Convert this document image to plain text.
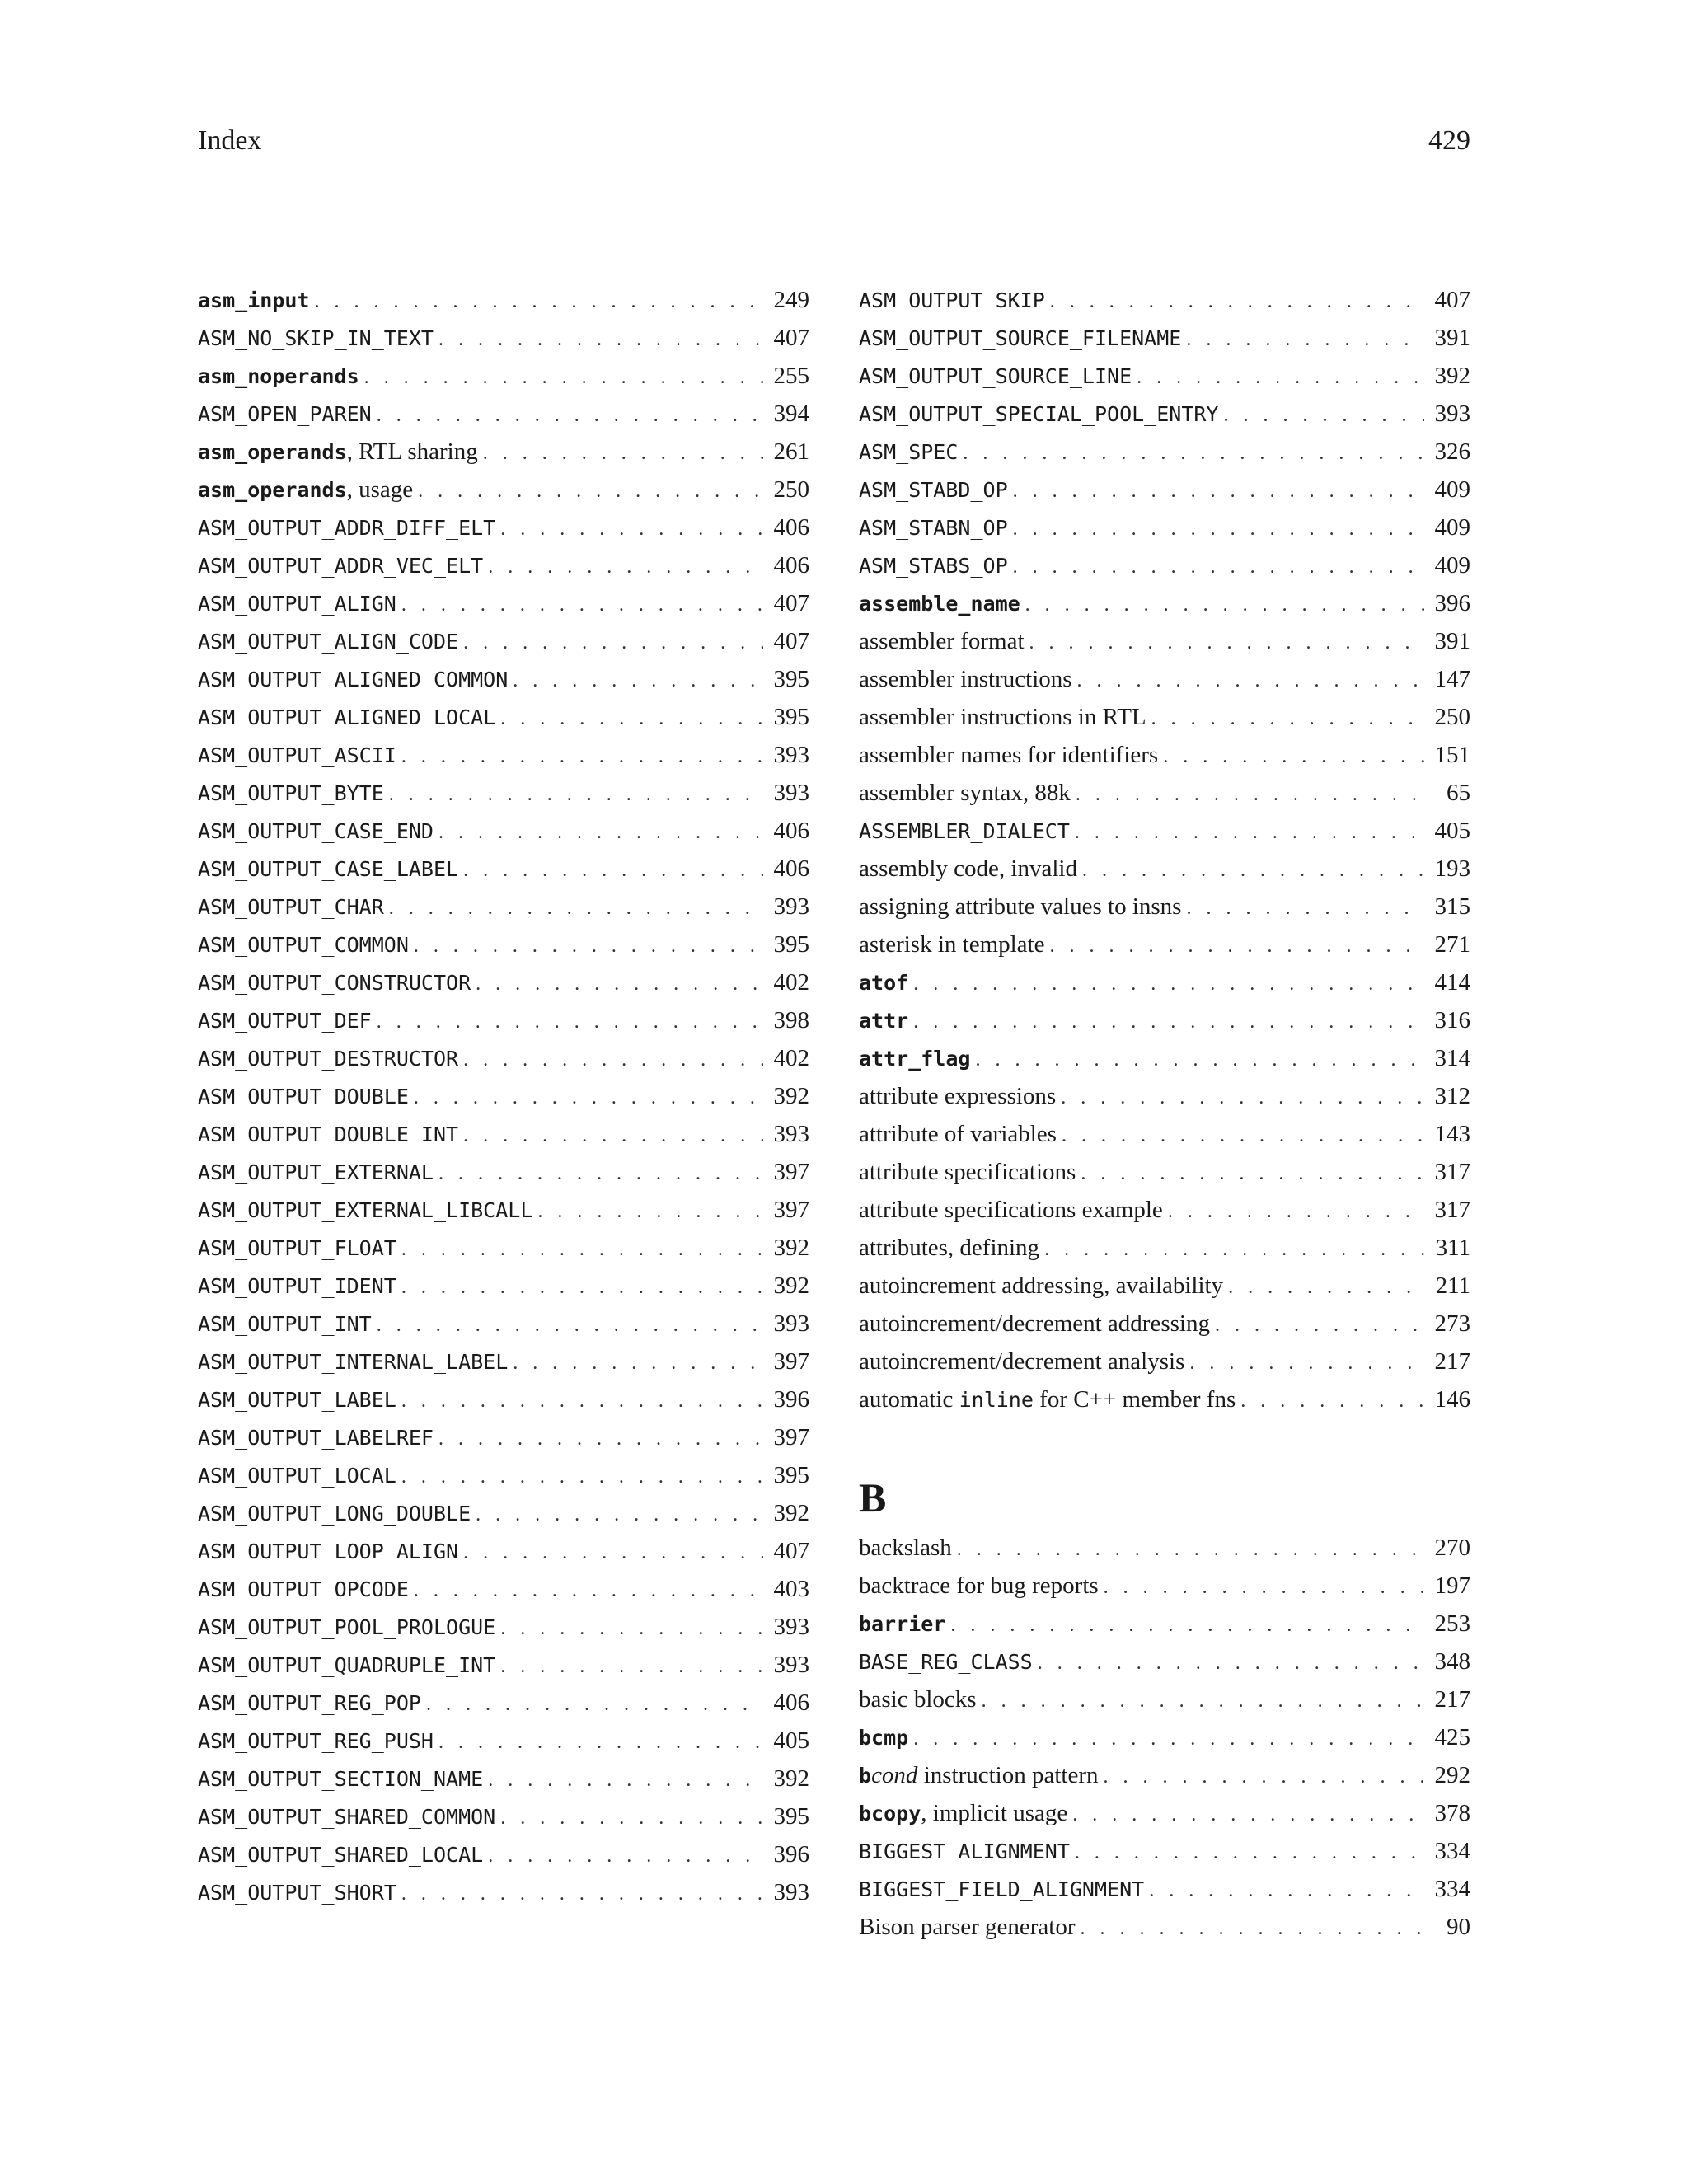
Index	429
asm_input . . .	249
ASM_NO_SKIP_IN_TEXT . . .	407
asm_noperands . . .	255
ASM_OPEN_PAREN . . .	394
asm_operands, RTL sharing . . .	261
asm_operands, usage . . .	250
ASM_OUTPUT_ADDR_DIFF_ELT . . .	406
ASM_OUTPUT_ADDR_VEC_ELT . . .	406
ASM_OUTPUT_ALIGN . . .	407
ASM_OUTPUT_ALIGN_CODE . . .	407
ASM_OUTPUT_ALIGNED_COMMON . . .	395
ASM_OUTPUT_ALIGNED_LOCAL . . .	395
ASM_OUTPUT_ASCII . . .	393
ASM_OUTPUT_BYTE . . .	393
ASM_OUTPUT_CASE_END . . .	406
ASM_OUTPUT_CASE_LABEL . . .	406
ASM_OUTPUT_CHAR . . .	393
ASM_OUTPUT_COMMON . . .	395
ASM_OUTPUT_CONSTRUCTOR . . .	402
ASM_OUTPUT_DEF . . .	398
ASM_OUTPUT_DESTRUCTOR . . .	402
ASM_OUTPUT_DOUBLE . . .	392
ASM_OUTPUT_DOUBLE_INT . . .	393
ASM_OUTPUT_EXTERNAL . . .	397
ASM_OUTPUT_EXTERNAL_LIBCALL . . .	397
ASM_OUTPUT_FLOAT . . .	392
ASM_OUTPUT_IDENT . . .	392
ASM_OUTPUT_INT . . .	393
ASM_OUTPUT_INTERNAL_LABEL . . .	397
ASM_OUTPUT_LABEL . . .	396
ASM_OUTPUT_LABELREF . . .	397
ASM_OUTPUT_LOCAL . . .	395
ASM_OUTPUT_LONG_DOUBLE . . .	392
ASM_OUTPUT_LOOP_ALIGN . . .	407
ASM_OUTPUT_OPCODE . . .	403
ASM_OUTPUT_POOL_PROLOGUE . . .	393
ASM_OUTPUT_QUADRUPLE_INT . . .	393
ASM_OUTPUT_REG_POP . . .	406
ASM_OUTPUT_REG_PUSH . . .	405
ASM_OUTPUT_SECTION_NAME . . .	392
ASM_OUTPUT_SHARED_COMMON . . .	395
ASM_OUTPUT_SHARED_LOCAL . . .	396
ASM_OUTPUT_SHORT . . .	393
ASM_OUTPUT_SKIP . . .	407
ASM_OUTPUT_SOURCE_FILENAME . . .	391
ASM_OUTPUT_SOURCE_LINE . . .	392
ASM_OUTPUT_SPECIAL_POOL_ENTRY . . .	393
ASM_SPEC . . .	326
ASM_STABD_OP . . .	409
ASM_STABN_OP . . .	409
ASM_STABS_OP . . .	409
assemble_name . . .	396
assembler format . . .	391
assembler instructions . . .	147
assembler instructions in RTL . . .	250
assembler names for identifiers . . .	151
assembler syntax, 88k . . .	65
ASSEMBLER_DIALECT . . .	405
assembly code, invalid . . .	193
assigning attribute values to insns . . .	315
asterisk in template . . .	271
atof . . .	414
attr . . .	316
attr_flag . . .	314
attribute expressions . . .	312
attribute of variables . . .	143
attribute specifications . . .	317
attribute specifications example . . .	317
attributes, defining . . .	311
autoincrement addressing, availability . . .	211
autoincrement/decrement addressing . . .	273
autoincrement/decrement analysis . . .	217
automatic inline for C++ member fns . . .	146
B
backslash . . .	270
backtrace for bug reports . . .	197
barrier . . .	253
BASE_REG_CLASS . . .	348
basic blocks . . .	217
bcmp . . .	425
bcond instruction pattern . . .	292
bcopy, implicit usage . . .	378
BIGGEST_ALIGNMENT . . .	334
BIGGEST_FIELD_ALIGNMENT . . .	334
Bison parser generator . . .	90
